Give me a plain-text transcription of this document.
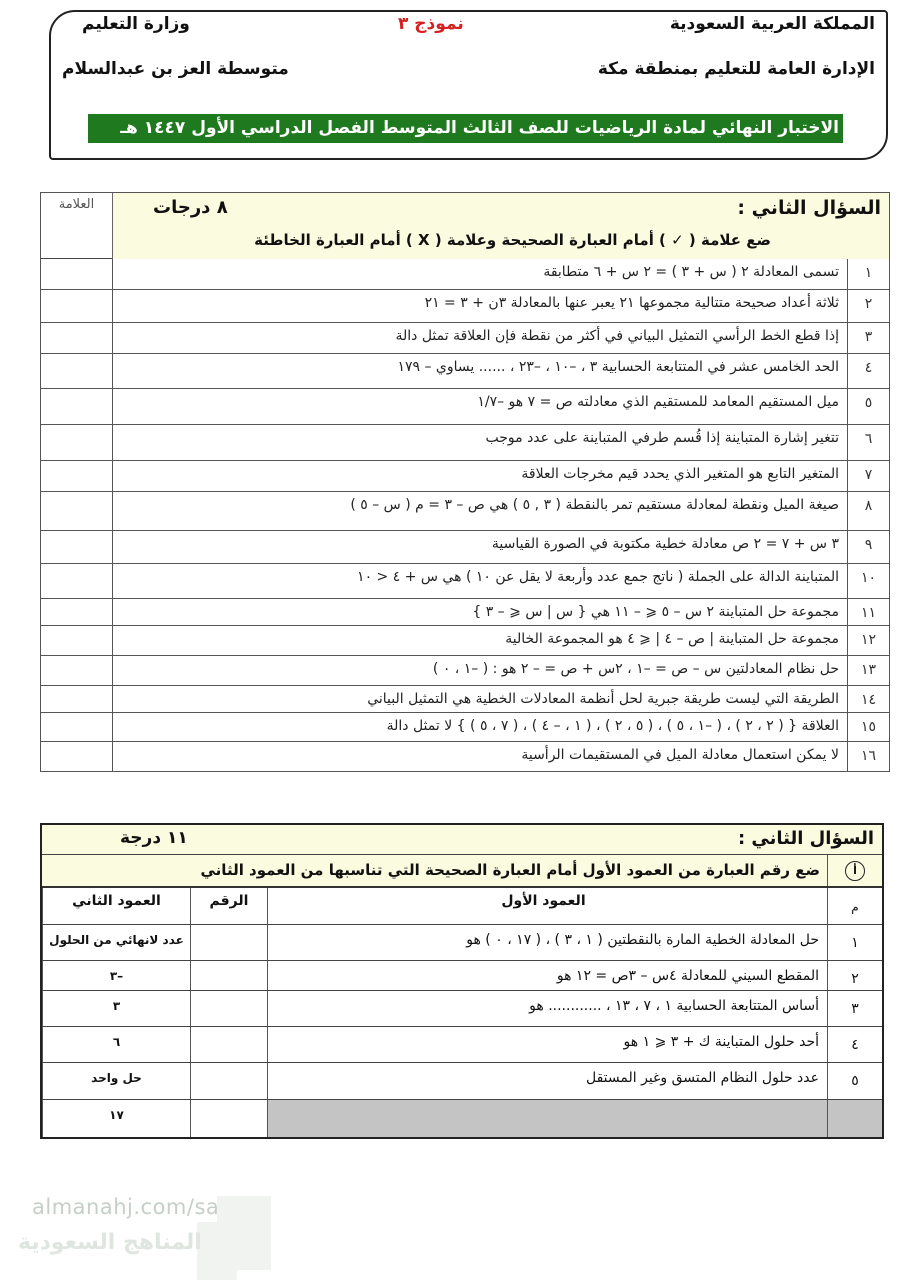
المملكة العربية السعودية
نموذج ٣
وزارة التعليم
الإدارة العامة للتعليم بمنطقة مكة
متوسطة العز بن عبدالسلام
الاختبار النهائي لمادة الرياضيات للصف الثالث المتوسط الفصل الدراسي الأول ١٤٤٧ هـ
العلامة	السؤال الثاني :
٨ درجات
ضع علامة ( ✓ ) أمام العبارة الصحيحة وعلامة ( X ) أمام العبارة الخاطئة
١
تسمى المعادلة ٢ ( س + ٣ ) = ٢ س + ٦ متطابقة
٢
ثلاثة أعداد صحيحة متتالية مجموعها ٢١ يعبر عنها بالمعادلة ٣ن + ٣ = ٢١
٣
إذا قطع الخط الرأسي التمثيل البياني في أكثر من نقطة فإن العلاقة تمثل دالة
٤
الحد الخامس عشر في المتتابعة الحسابية ٣ ، –١٠ ، –٢٣ ، ...... يساوي – ١٧٩
٥
ميل المستقيم المعامد للمستقيم الذي معادلته ص = ٧ هو –١/٧
٦
تتغير إشارة المتباينة إذا قُسم طرفي المتباينة على عدد موجب
٧
المتغير التابع هو المتغير الذي يحدد قيم مخرجات العلاقة
٨
صيغة الميل ونقطة لمعادلة مستقيم تمر بالنقطة ( ٣ , ٥ ) هي ص – ٣ = م ( س – ٥ )
٩
٣ س + ٧ = ٢ ص معادلة خطية مكتوبة في الصورة القياسية
١٠
المتباينة الدالة على الجملة ( ناتج جمع عدد وأربعة لا يقل عن ١٠ ) هي س + ٤ < ١٠
١١
مجموعة حل المتباينة ٢ س – ٥ ⩽ – ١١ هي { س | س ⩽ – ٣ }
١٢
مجموعة حل المتباينة | ص – ٤ | ⩽ ٤ هو المجموعة الخالية
١٣
حل نظام المعادلتين س – ص = –١ ، ٢س + ص = – ٢ هو : ( –١ ، ٠ )
١٤
الطريقة التي ليست طريقة جبرية لحل أنظمة المعادلات الخطية هي التمثيل البياني
١٥
العلاقة { ( ٢ ، ٢ ) ، ( –١ ، ٥ ) ، ( ٥ ، ٢ ) ، ( ١ ، – ٤ ) ، ( ٧ ، ٥ ) } لا تمثل دالة
١٦
لا يمكن استعمال معادلة الميل في المستقيمات الرأسية
السؤال الثاني :
١١ درجة
أ
ضع رقم العبارة من العمود الأول أمام العبارة الصحيحة التي تناسبها من العمود الثاني
م
العمود الأول
الرقم
العمود الثاني
١
حل المعادلة الخطية المارة بالنقطتين ( ١ ، ٣ ) ، ( ١٧ ، ٠ ) هو
عدد لانهائي من الحلول
٢
المقطع السيني للمعادلة ٤س – ٣ص = ١٢ هو
–٣
٣
أساس المتتابعة الحسابية ١ ، ٧ ، ١٣ ، ............ هو
٣
٤
أحد حلول المتباينة ك + ٣ ⩽ ١ هو
٦
٥
عدد حلول النظام المتسق وغير المستقل
حل واحد
١٧
almanahj.com/sa
المناهج السعودية
